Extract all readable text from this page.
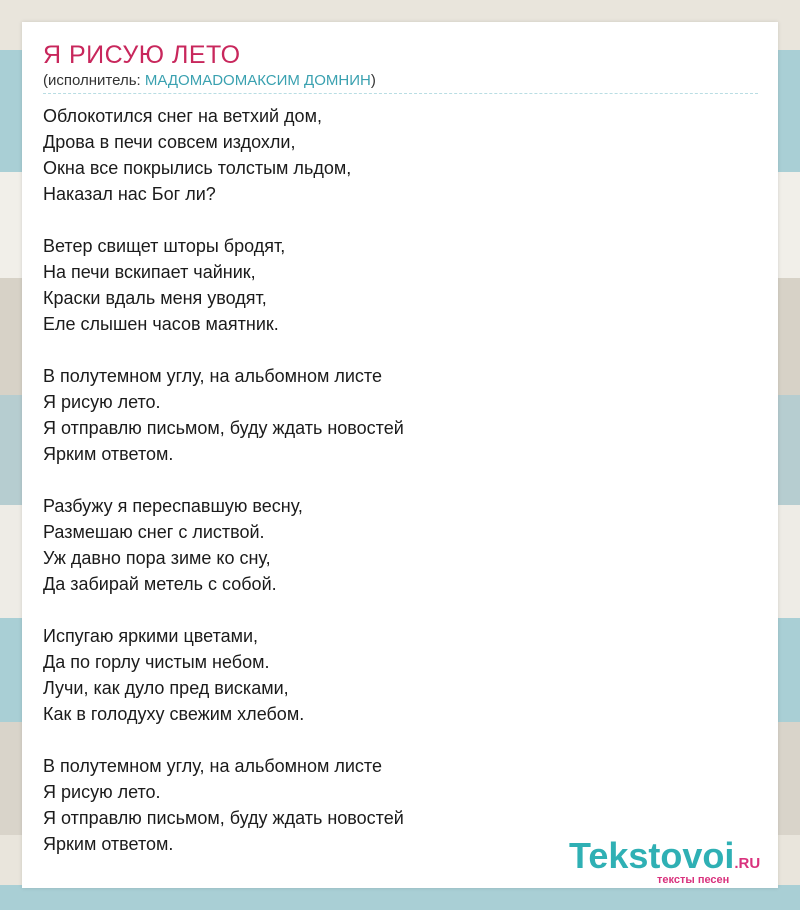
Я РИСУЮ ЛЕТО
(исполнитель: МАДОМАDОМАКСИМ ДОМНИН)
Облокотился снег на ветхий дом,
Дрова в печи совсем издохли,
Окна все покрылись толстым льдом,
Наказал нас Бог ли?
Ветер свищет шторы бродят,
На печи вскипает чайник,
Краски вдаль меня уводят,
Еле слышен часов маятник.
В полутемном углу, на альбомном листе
Я рисую лето.
Я отправлю письмом, буду ждать новостей
Ярким ответом.
Разбужу я переспавшую весну,
Размешаю снег с листвой.
Уж давно пора зиме ко сну,
Да забирай метель с собой.
Испугаю яркими цветами,
Да по горлу чистым небом.
Лучи, как дуло пред висками,
Как в голодуху свежим хлебом.
В полутемном углу, на альбомном листе
Я рисую лето.
Я отправлю письмом, буду ждать новостей
Ярким ответом.	Tekstovoi.RU
тексты песен
